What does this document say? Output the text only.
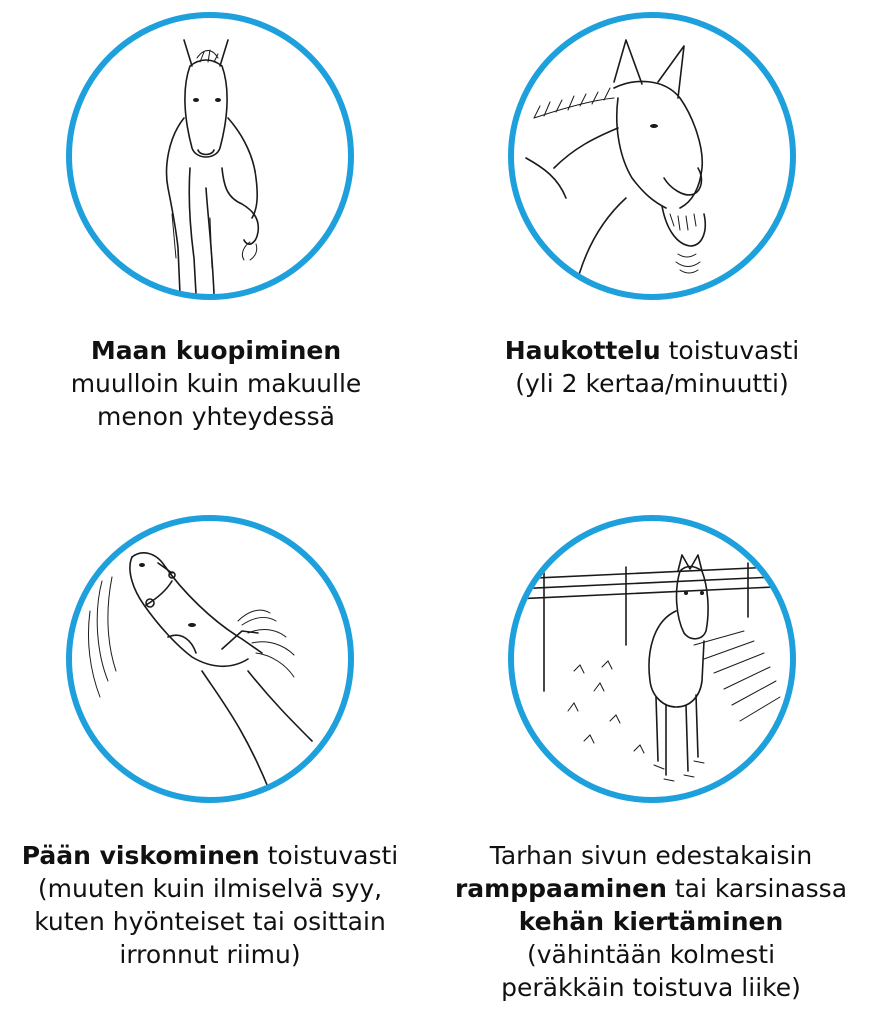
Maan kuopiminen
muulloin kuin makuulle
menon yhteydessä
Haukottelu toistuvasti
(yli 2 kertaa/minuutti)
Pään viskominen toistuvasti
(muuten kuin ilmiselvä syy,
kuten hyönteiset tai osittain
irronnut riimu)
Tarhan sivun edestakaisin
ramppaaminen tai karsinassa
kehän kiertäminen
(vähintään kolmesti
peräkkäin toistuva liike)
